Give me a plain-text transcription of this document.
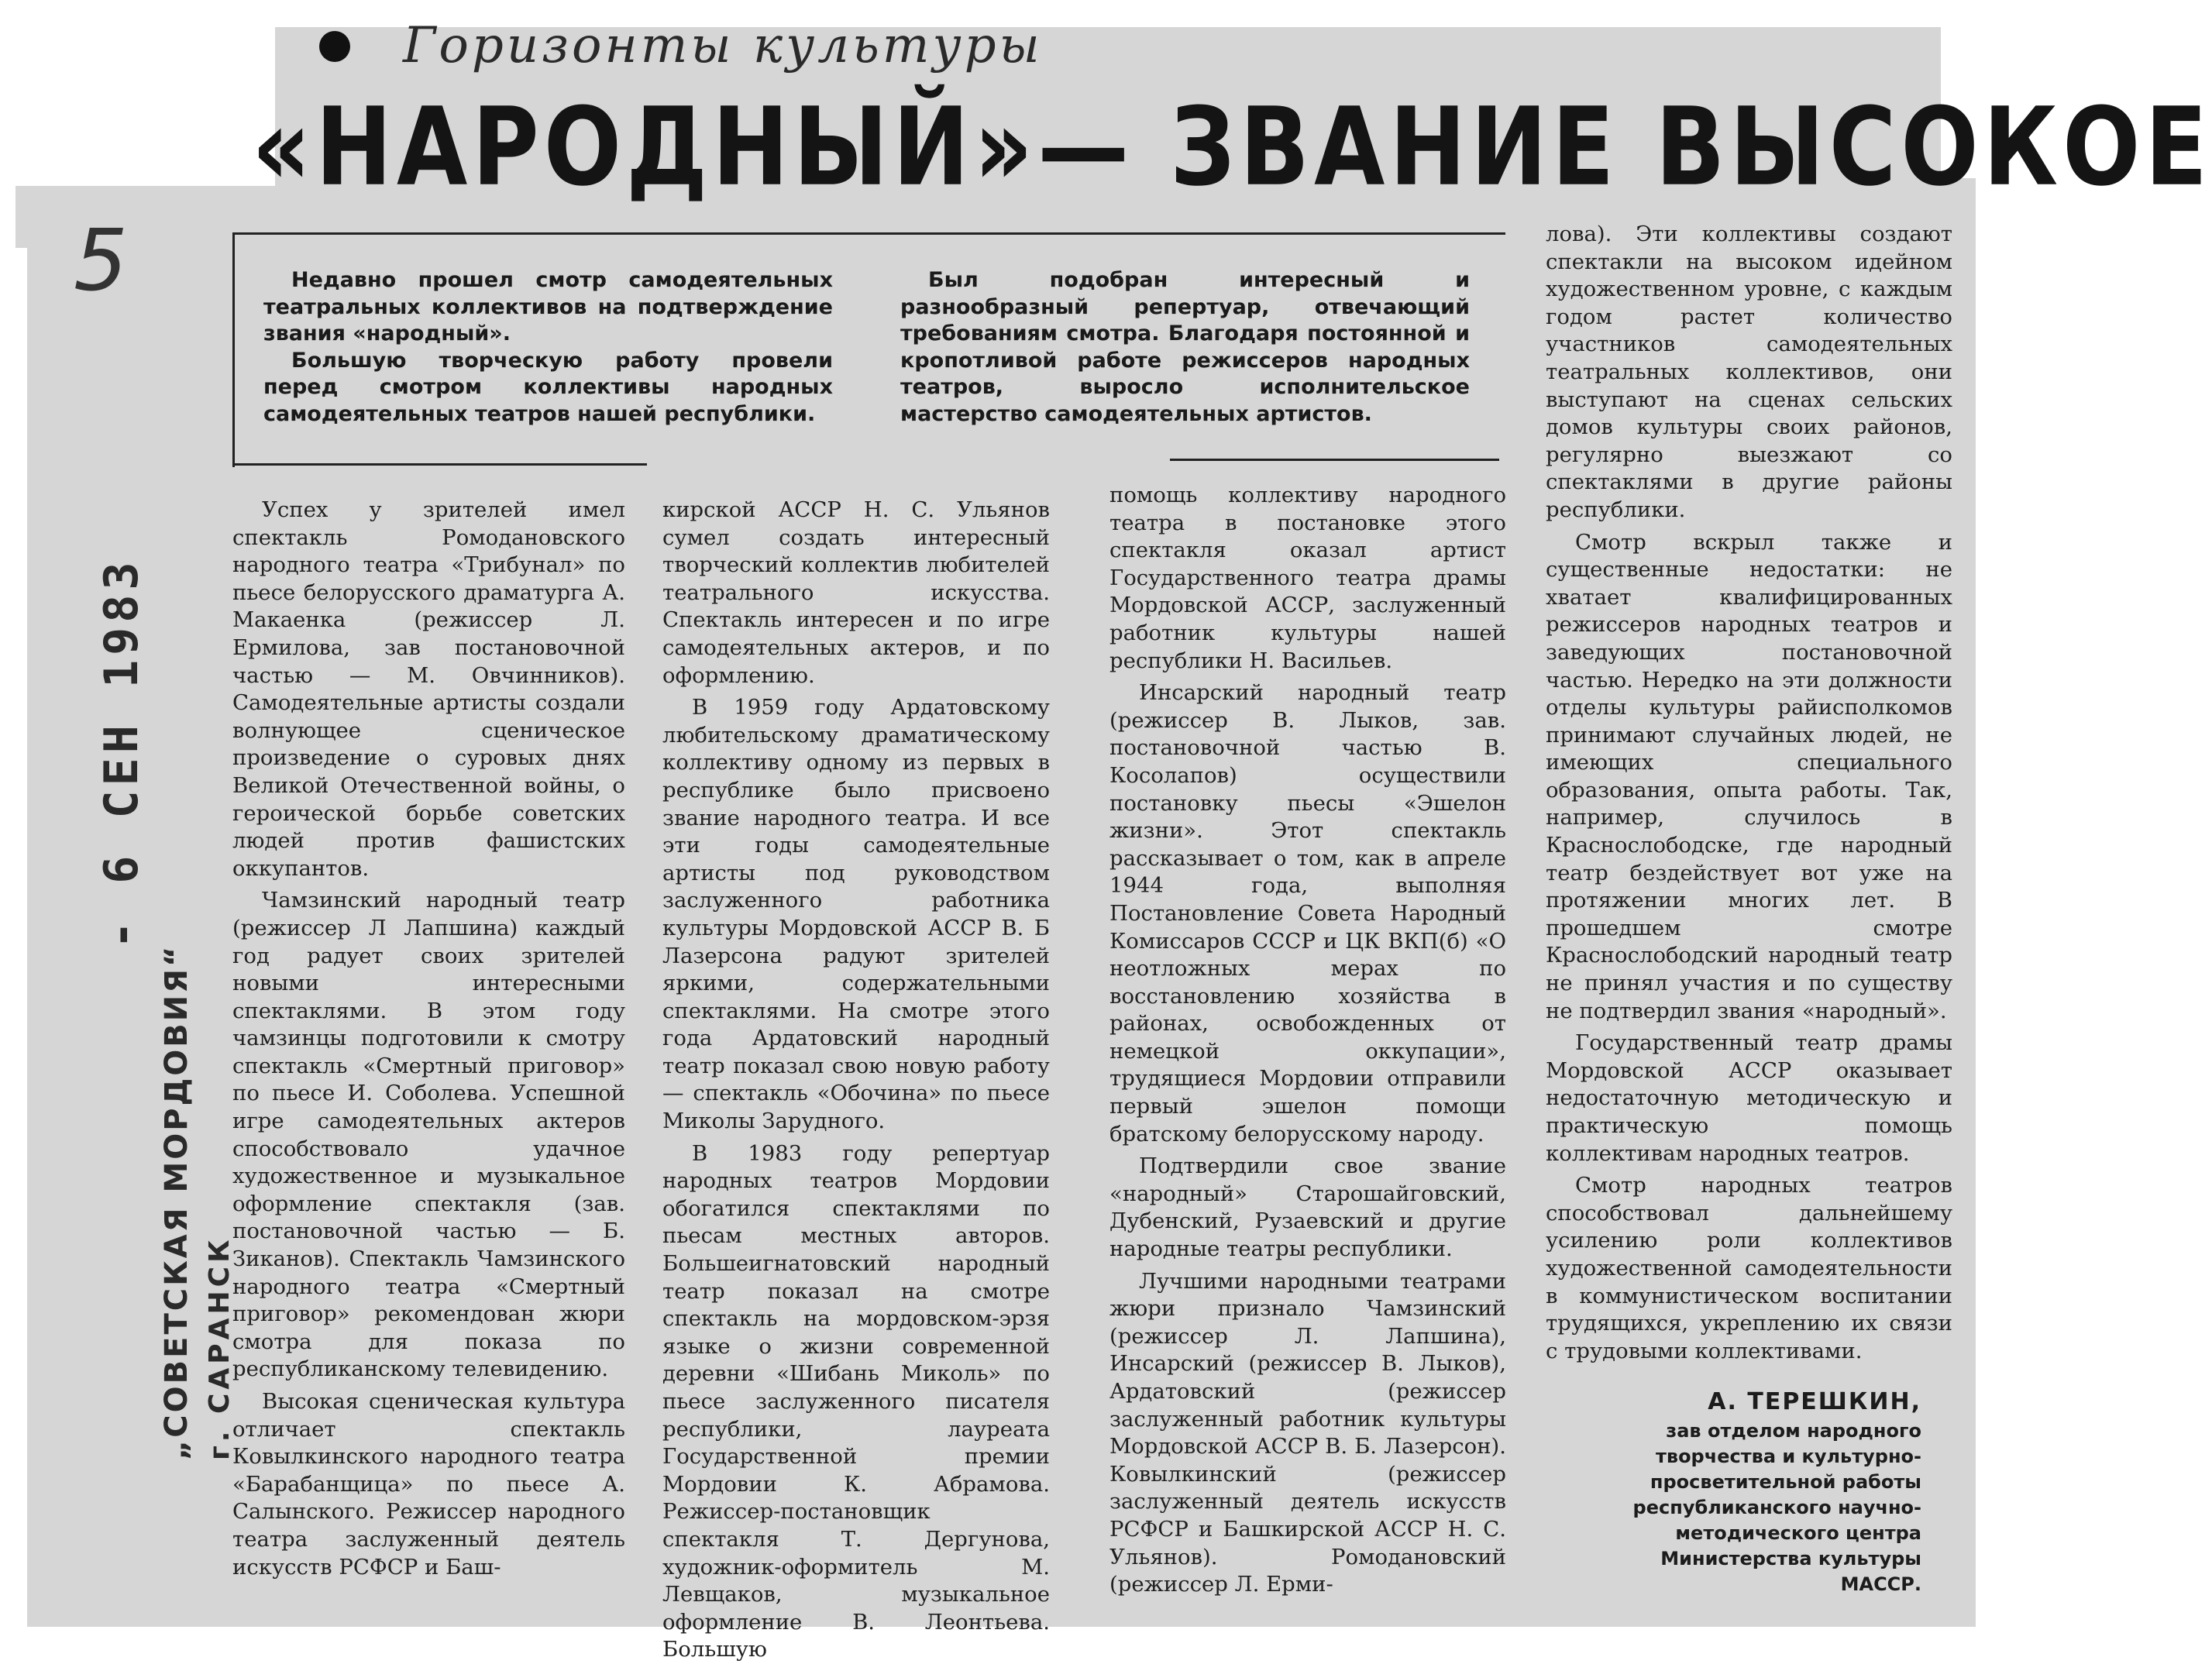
Горизонты культуры
«НАРОДНЫЙ»— ЗВАНИЕ ВЫСОКОЕ
5	Недавно прошел смотр самодеятельных театральных коллективов на подтверждение звания «народный».

Большую творческую работу провели перед смотром коллективы народных самодеятельных театров нашей республики.

Был подобран интересный и разнообразный репертуар, отвечающий требованиям смотра. Благодаря постоянной и кропотливой работе режиссеров народных театров, выросло исполнительское мастерство самодеятельных артистов.

Успех у зрителей имел спектакль Ромодановского народного театра «Трибунал» по пьесе белорусского драматурга А. Макаенка (режиссер Л. Ермилова, зав постановочной частью — М. Овчинников). Самодеятельные артисты создали волнующее сценическое произведение о суровых днях Великой Отечественной войны, о героической борьбе советских людей против фашистских оккупантов.

Чамзинский народный театр (режиссер Л Лапшина) каждый год радует своих зрителей новыми интересными спектаклями. В этом году чамзинцы подготовили к смотру спектакль «Смертный приговор» по пьесе И. Соболева. Успешной игре самодеятельных актеров способствовало удачное художественное и музыкальное оформление спектакля (зав. постановочной частью — Б. Зиканов). Спектакль Чамзинского народного театра «Смертный приговор» рекомендован жюри смотра для показа по республиканскому телевидению.

Высокая сценическая культура отличает спектакль Ковылкинского народного театра «Барабанщица» по пьесе А. Салынского. Режиссер народного театра заслуженный деятель искусств РСФСР и Баш-

кирской АССР Н. С. Ульянов сумел создать интересный творческий коллектив любителей театрального искусства. Спектакль интересен и по игре самодеятельных актеров, и по оформлению.

В 1959 году Ардатовскому любительскому драматическому коллективу одному из первых в республике было присвоено звание народного театра. И все эти годы самодеятельные артисты под руководством заслуженного работника культуры Мордовской АССР В. Б Лазерсона радуют зрителей яркими, содержательными спектаклями. На смотре этого года Ардатовский народный театр показал свою новую работу — спектакль «Обочина» по пьесе Миколы Зарудного.

В 1983 году репертуар народных театров Мордовии обогатился спектаклями по пьесам местных авторов. Большеигнатовский народный театр показал на смотре спектакль на мордовском-эрзя языке о жизни современной деревни «Шибань Миколь» по пьесе заслуженного писателя республики, лауреата Государственной премии Мордовии К. Абрамова. Режиссер-постановщик спектакля Т. Дергунова, художник-оформитель М. Левщаков, музыкальное оформление В. Леонтьева. Большую

помощь коллективу народного театра в постановке этого спектакля оказал артист Государственного театра драмы Мордовской АССР, заслуженный работник культуры нашей республики Н. Васильев.

Инсарский народный театр (режиссер В. Лыков, зав. постановочной частью В. Косолапов) осуществили постановку пьесы «Эшелон жизни». Этот спектакль рассказывает о том, как в апреле 1944 года, выполняя Постановление Совета Народный Комиссаров СССР и ЦК ВКП(б) «О неотложных мерах по восстановлению хозяйства в районах, освобожденных от немецкой оккупации», трудящиеся Мордовии отправили первый эшелон помощи братскому белорусскому народу.

Подтвердили свое звание «народный» Старошайговский, Дубенский, Рузаевский и другие народные театры республики.

Лучшими народными театрами жюри признало Чамзинский (режиссер Л. Лапшина), Инсарский (режиссер В. Лыков), Ардатовский (режиссер заслуженный работник культуры Мордовской АССР В. Б. Лазерсон). Ковылкинский (режиссер заслуженный деятель искусств РСФСР и Башкирской АССР Н. С. Ульянов). Ромодановский (режиссер Л. Ерми-

лова). Эти коллективы создают спектакли на высоком идейном художественном уровне, с каждым годом растет количество участников самодеятельных театральных коллективов, они выступают на сценах сельских домов культуры своих районов, регулярно выезжают со спектаклями в другие районы республики.

Смотр вскрыл также и существенные недостатки: не хватает квалифицированных режиссеров народных театров и заведующих постановочной частью. Нередко на эти должности отделы культуры райисполкомов принимают случайных людей, не имеющих специального образования, опыта работы. Так, например, случилось в Краснослободске, где народный театр бездействует вот уже на протяжении многих лет. В прошедшем смотре Краснослободский народный театр не принял участия и по существу не подтвердил звания «народный».

Государственный театр драмы Мордовской АССР оказывает недостаточную методическую и практическую помощь коллективам народных театров.

Смотр народных театров способствовал дальнейшему усилению роли коллективов художественной самодеятельности в коммунистическом воспитании трудящихся, укреплению их связи с трудовыми коллективами.

А. ТЕРЕШКИН,
зав отделом народного
творчества и культурно-
просветительной работы
республиканского научно-
методического центра
Министерства культуры
МАССР.
- 6 СЕН 1983
„СОВЕТСКАЯ МОРДОВИЯ“ г. САРАНСК
